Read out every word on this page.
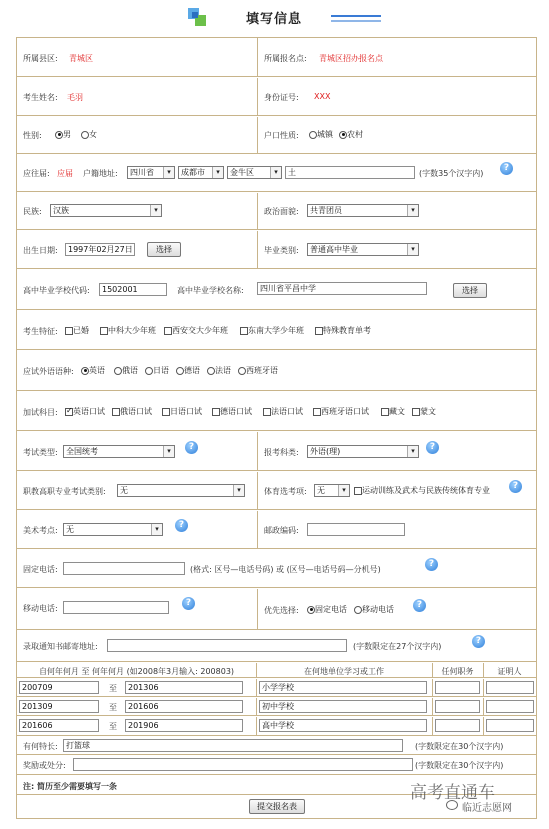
填写信息
所属县区: 青城区	所属报名点: 青城区招办报名点
考生姓名: 毛羽	身份证号: XXX
性别:	男	女	户口性质:	城镇	农村
应往届: 应届 户籍地址:	四川省	▾	成都市	▾	金牛区	▾	土	(字数35个汉字内)
?
民族:	汉族	▾	政治面貌:	共青团员	▾
出生日期:	1997年02月27日	选择	毕业类别:	普通高中毕业	▾
高中毕业学校代码:	1502001	高中毕业学校名称:	四川省平昌中学	选择
考生特征:	已婚	中科大少年班	西安交大少年班	东南大学少年班	特殊教育单考
应试外语语种:	英语	俄语	日语	德语	法语	西班牙语
加试科目:
✓	英语口试	俄语口试	日语口试	德语口试	法语口试	西班牙语口试	藏文	蒙文
考试类型:	全国统考	▾	?
报考科类:	外语(理)	▾	?
职教高职专业考试类别:	无	▾	体育选考项:	无	▾	运动训练及武术与民族传统体育专业	?
美术考点:	无	▾	?
邮政编码:
固定电话:	(格式: 区号—电话号码) 或 (区号—电话号码—分机号)
?
移动电话:
?
优先选择:	固定电话	移动电话	?
录取通知书邮寄地址:	(字数限定在27个汉字内)
?
自何年何月 至 何年何月 (如2008年3月输入: 200803)	在何地单位学习或工作	任何职务	证明人
200709	至	201306	小学学校
201309	至	201606	初中学校
201606	至	201906	高中学校
有何特长:	打篮球	(字数限定在30个汉字内)
奖励或处分:	(字数限定在30个汉字内)
注: 简历至少需要填写一条
提交报名表
高考直通车
临近志愿网
